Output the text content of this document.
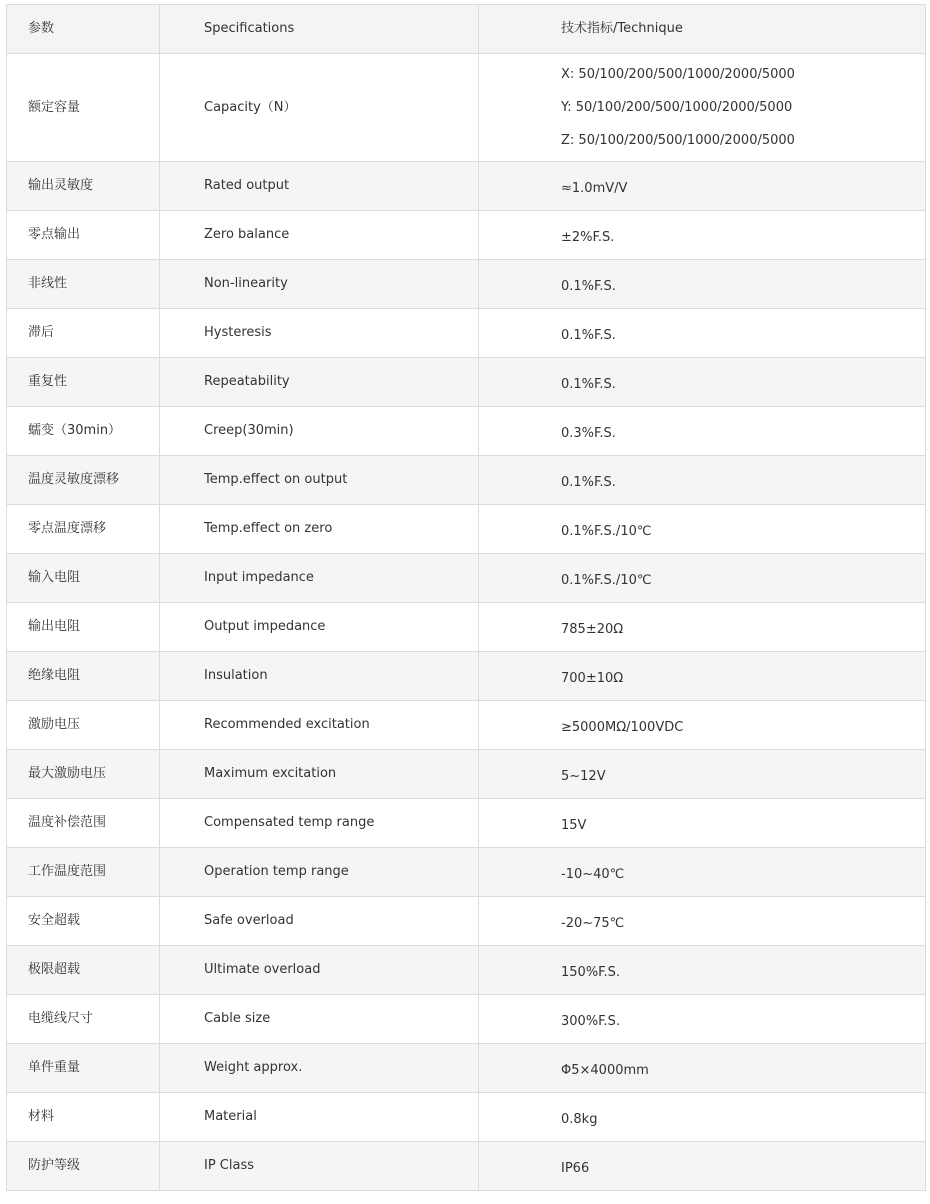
参数	Specifications	技术指标/Technique
额定容量	Capacity（N）	X: 50/100/200/500/1000/2000/5000
Y: 50/100/200/500/1000/2000/5000
Z: 50/100/200/500/1000/2000/5000

输出灵敏度	Rated output	≈1.0mV/V
零点输出	Zero balance	±2%F.S.
非线性	Non-linearity	0.1%F.S.
滞后	Hysteresis	0.1%F.S.
重复性	Repeatability	0.1%F.S.
蠕变（30min）	Creep(30min)	0.3%F.S.
温度灵敏度漂移	Temp.effect on output	0.1%F.S.
零点温度漂移	Temp.effect on zero	0.1%F.S./10℃
输入电阻	Input impedance	0.1%F.S./10℃
输出电阻	Output impedance	785±20Ω
绝缘电阻	Insulation	700±10Ω
激励电压	Recommended excitation	≥5000MΩ/100VDC
最大激励电压	Maximum excitation	5~12V
温度补偿范围	Compensated temp range	15V
工作温度范围	Operation temp range	-10~40℃
安全超载	Safe overload	-20~75℃
极限超载	Ultimate overload	150%F.S.
电缆线尺寸	Cable size	300%F.S.
单件重量	Weight approx.	Φ5×4000mm
材料	Material	0.8kg
防护等级	IP Class	IP66
